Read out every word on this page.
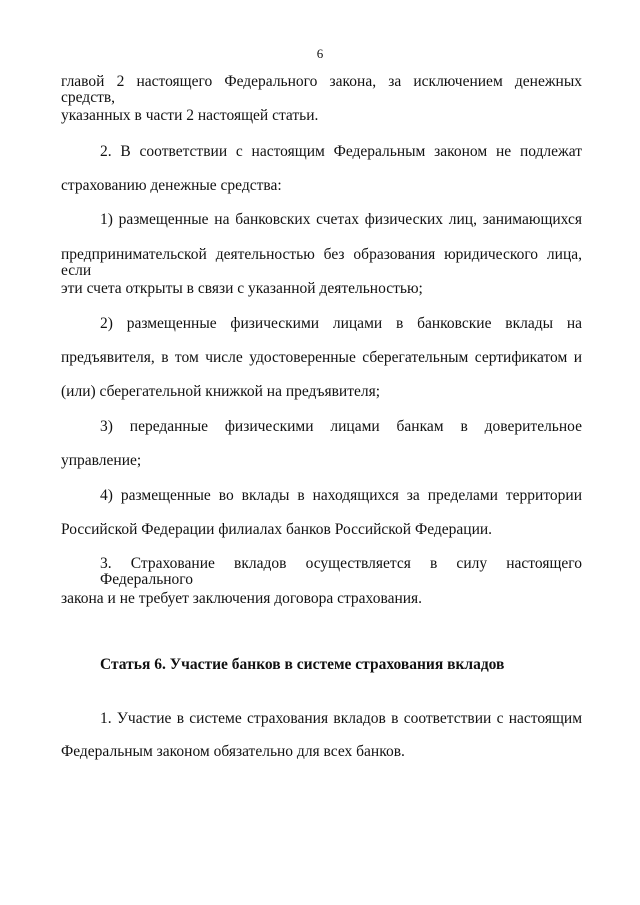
6
главой 2 настоящего Федерального закона, за исключением денежных средств,
указанных в части 2 настоящей статьи.
2. В соответствии с настоящим Федеральным законом не подлежат
страхованию денежные средства:
1) размещенные на банковских счетах физических лиц, занимающихся
предпринимательской деятельностью без образования юридического лица, если
эти счета открыты в связи с указанной деятельностью;
2) размещенные физическими лицами в банковские вклады на
предъявителя, в том числе удостоверенные сберегательным сертификатом и
(или) сберегательной книжкой на предъявителя;
3) переданные физическими лицами банкам в доверительное
управление;
4) размещенные во вклады в находящихся за пределами территории
Российской Федерации филиалах банков Российской Федерации.
3. Страхование вкладов осуществляется в силу настоящего Федерального
закона и не требует заключения договора страхования.
Статья 6. Участие банков в системе страхования вкладов
1. Участие в системе страхования вкладов в соответствии с настоящим
Федеральным законом обязательно для всех банков.
